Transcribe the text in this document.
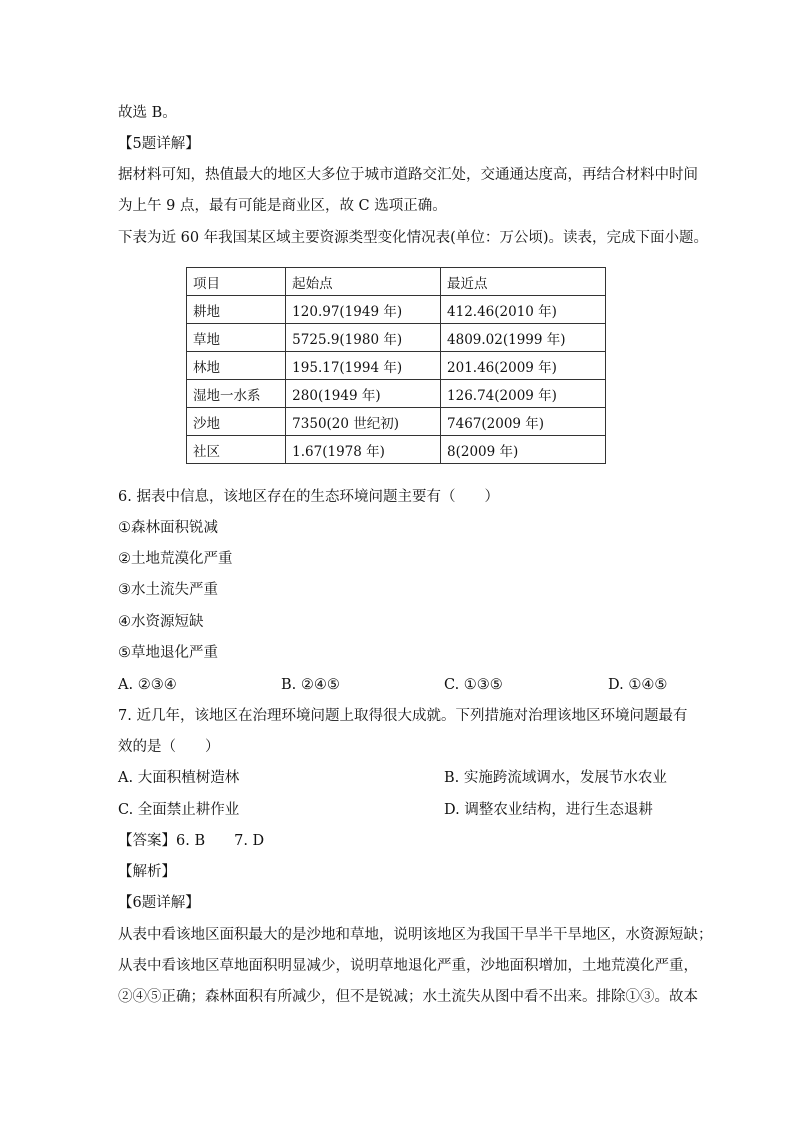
故选 B。
【5题详解】
据材料可知，热值最大的地区大多位于城市道路交汇处，交通通达度高，再结合材料中时间
为上午 9 点，最有可能是商业区，故 C 选项正确。
下表为近 60 年我国某区域主要资源类型变化情况表(单位：万公顷)。读表，完成下面小题。
项目	起始点	最近点
耕地	120.97(1949 年)	412.46(2010 年)
草地	5725.9(1980 年)	4809.02(1999 年)
林地	195.17(1994 年)	201.46(2009 年)
湿地一水系	280(1949 年)	126.74(2009 年)
沙地	7350(20 世纪初)	7467(2009 年)
社区	1.67(1978 年)	8(2009 年)
6. 据表中信息，该地区存在的生态环境问题主要有（　　）
①森林面积锐减
②土地荒漠化严重
③水土流失严重
④水资源短缺
⑤草地退化严重
A. ②③④	B. ②④⑤	C. ①③⑤	D. ①④⑤
7. 近几年，该地区在治理环境问题上取得很大成就。下列措施对治理该地区环境问题最有
效的是（　　）
A. 大面积植树造林	B. 实施跨流域调水，发展节水农业
C. 全面禁止耕作业	D. 调整农业结构，进行生态退耕
【答案】6. B　　7. D
【解析】
【6题详解】
从表中看该地区面积最大的是沙地和草地，说明该地区为我国干旱半干旱地区，水资源短缺；
从表中看该地区草地面积明显减少，说明草地退化严重，沙地面积增加，土地荒漠化严重，
②④⑤正确；森林面积有所减少，但不是锐减；水土流失从图中看不出来。排除①③。故本
